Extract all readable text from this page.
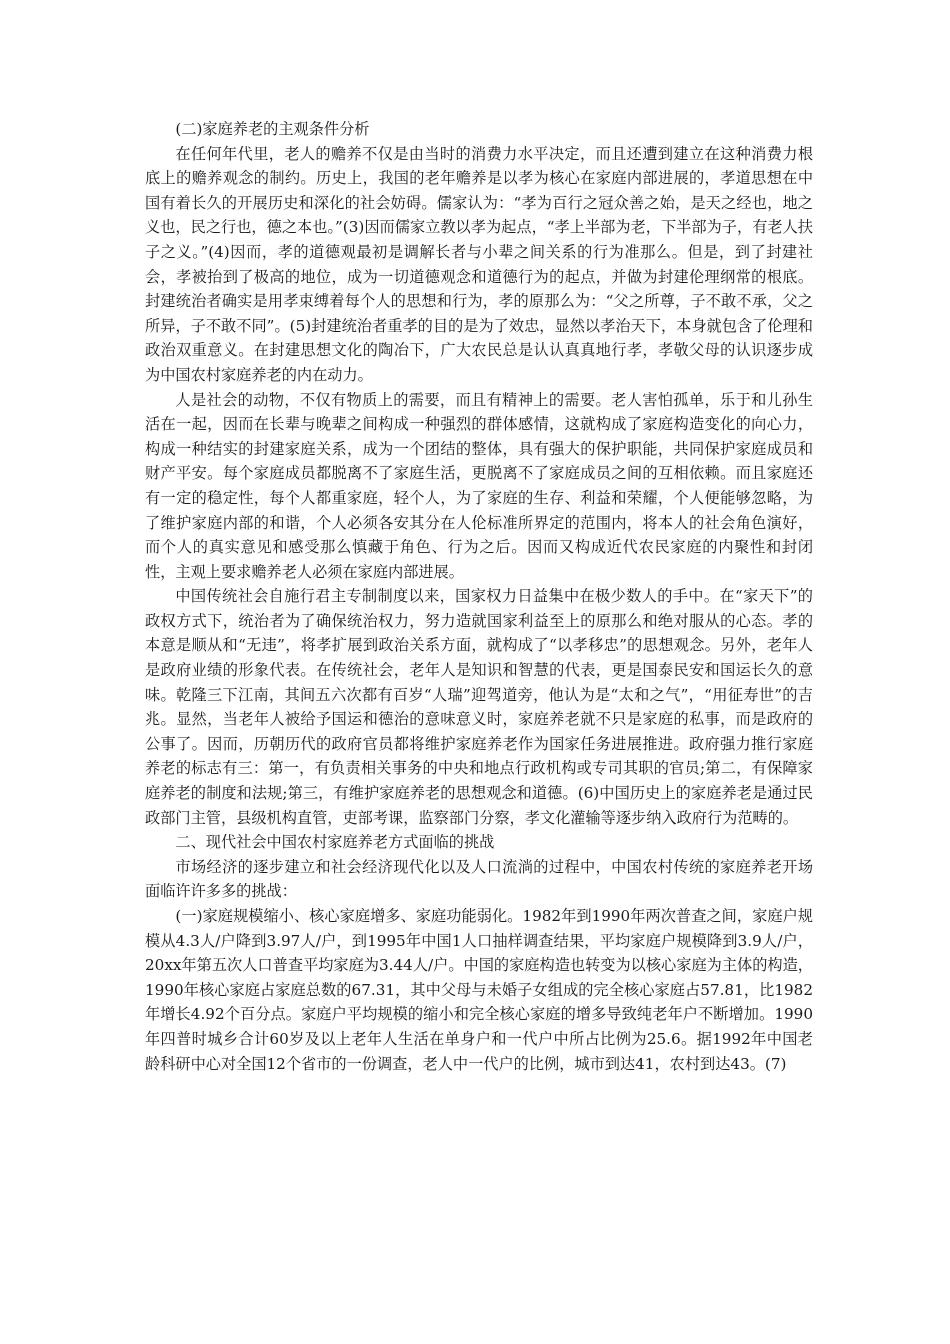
(二)家庭养老的主观条件分析

在任何年代里，老人的赡养不仅是由当时的消费力水平决定，而且还遭到建立在这种消费力根底上的赡养观念的制约。历史上，我国的老年赡养是以孝为核心在家庭内部进展的，孝道思想在中国有着长久的开展历史和深化的社会妨碍。儒家认为：“孝为百行之冠众善之始，是天之经也，地之义也，民之行也，德之本也。”(3)因而儒家立教以孝为起点，“孝上半部为老，下半部为子，有老人扶子之义。”(4)因而，孝的道德观最初是调解长者与小辈之间关系的行为准那么。但是，到了封建社会，孝被抬到了极高的地位，成为一切道德观念和道德行为的起点，并做为封建伦理纲常的根底。封建统治者确实是用孝束缚着每个人的思想和行为，孝的原那么为：“父之所尊，子不敢不承，父之所异，子不敢不同”。(5)封建统治者重孝的目的是为了效忠，显然以孝治天下，本身就包含了伦理和政治双重意义。在封建思想文化的陶冶下，广大农民总是认认真真地行孝，孝敬父母的认识逐步成为中国农村家庭养老的内在动力。

人是社会的动物，不仅有物质上的需要，而且有精神上的需要。老人害怕孤单，乐于和儿孙生活在一起，因而在长辈与晚辈之间构成一种强烈的群体感情，这就构成了家庭构造变化的向心力，构成一种结实的封建家庭关系，成为一个团结的整体，具有强大的保护职能，共同保护家庭成员和财产平安。每个家庭成员都脱离不了家庭生活，更脱离不了家庭成员之间的互相依赖。而且家庭还有一定的稳定性，每个人都重家庭，轻个人，为了家庭的生存、利益和荣耀，个人便能够忽略，为了维护家庭内部的和谐，个人必须各安其分在人伦标准所界定的范围内，将本人的社会角色演好，而个人的真实意见和感受那么慎藏于角色、行为之后。因而又构成近代农民家庭的内聚性和封闭性，主观上要求赡养老人必须在家庭内部进展。

中国传统社会自施行君主专制制度以来，国家权力日益集中在极少数人的手中。在“家天下”的政权方式下，统治者为了确保统治权力，努力造就国家利益至上的原那么和绝对服从的心态。孝的本意是顺从和“无违”，将孝扩展到政治关系方面，就构成了“以孝移忠”的思想观念。另外，老年人是政府业绩的形象代表。在传统社会，老年人是知识和智慧的代表，更是国泰民安和国运长久的意味。乾隆三下江南，其间五六次都有百岁“人瑞”迎驾道旁，他认为是“太和之气”，“用征寿世”的吉兆。显然，当老年人被给予国运和德治的意味意义时，家庭养老就不只是家庭的私事，而是政府的公事了。因而，历朝历代的政府官员都将维护家庭养老作为国家任务进展推进。政府强力推行家庭养老的标志有三：第一，有负责相关事务的中央和地点行政机构或专司其职的官员;第二，有保障家庭养老的制度和法规;第三，有维护家庭养老的思想观念和道德。(6)中国历史上的家庭养老是通过民政部门主管，县级机构直管，吏部考课，监察部门分察，孝文化灌输等逐步纳入政府行为范畴的。

二、现代社会中国农村家庭养老方式面临的挑战

市场经济的逐步建立和社会经济现代化以及人口流淌的过程中，中国农村传统的家庭养老开场面临许许多多的挑战：

(一)家庭规模缩小、核心家庭增多、家庭功能弱化。1982年到1990年两次普查之间，家庭户规模从4.3人/户降到3.97人/户，到1995年中国1人口抽样调查结果，平均家庭户规模降到3.9人/户，20xx年第五次人口普查平均家庭为3.44人/户。中国的家庭构造也转变为以核心家庭为主体的构造，1990年核心家庭占家庭总数的67.31，其中父母与未婚子女组成的完全核心家庭占57.81，比1982年增长4.92个百分点。家庭户平均规模的缩小和完全核心家庭的增多导致纯老年户不断增加。1990年四普时城乡合计60岁及以上老年人生活在单身户和一代户中所占比例为25.6。据1992年中国老龄科研中心对全国12个省市的一份调查，老人中一代户的比例，城市到达41，农村到达43。(7)
